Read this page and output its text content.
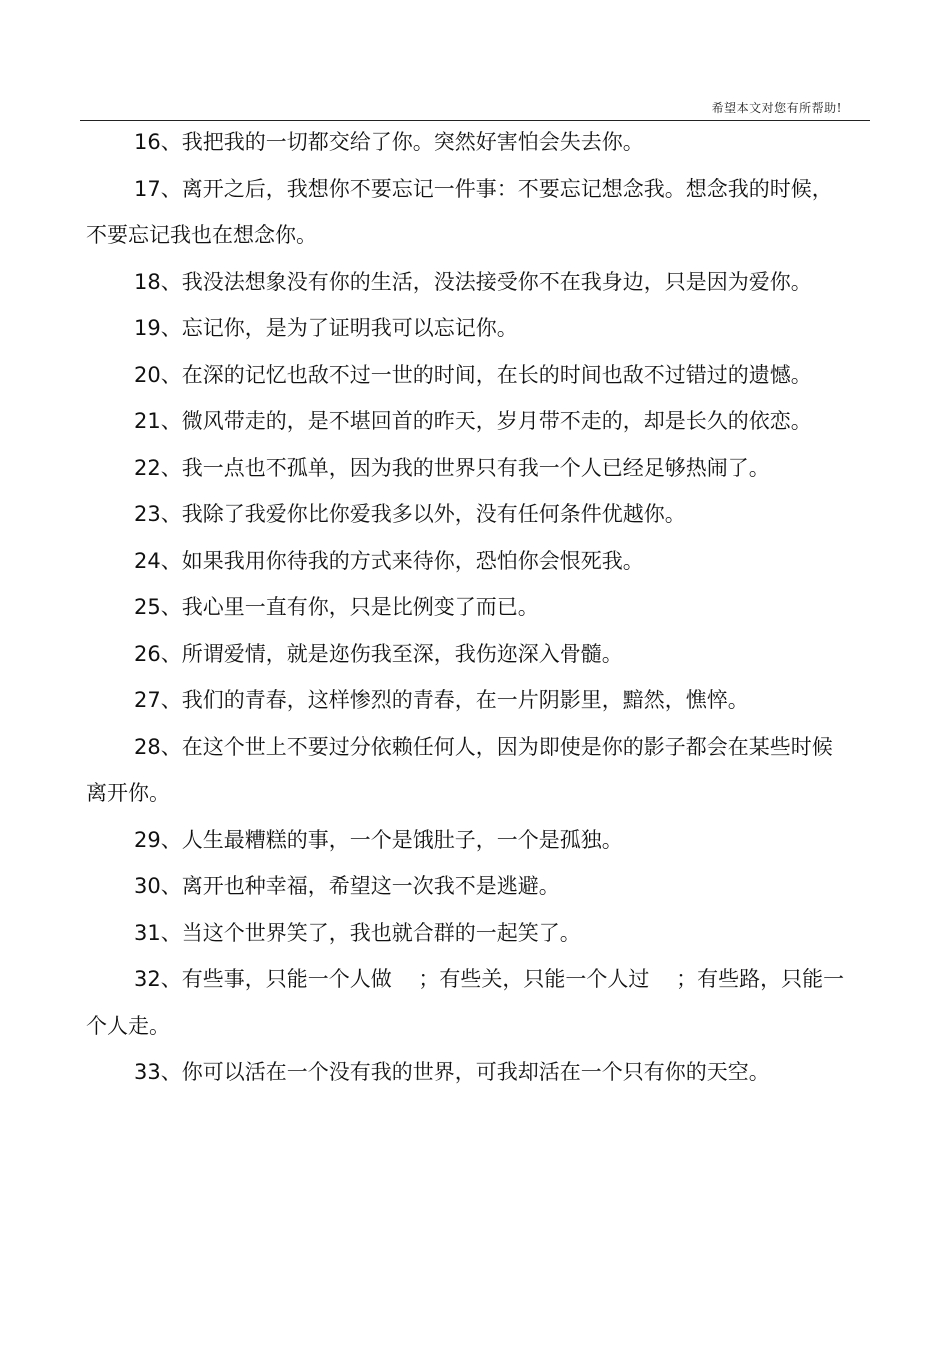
希望本文对您有所帮助!

16、我把我的一切都交给了你。突然好害怕会失去你。

17、离开之后，我想你不要忘记一件事：不要忘记想念我。想念我的时候，不要忘记我也在想念你。

18、我没法想象没有你的生活，没法接受你不在我身边，只是因为爱你。

19、忘记你，是为了证明我可以忘记你。

20、在深的记忆也敌不过一世的时间，在长的时间也敌不过错过的遗憾。

21、微风带走的，是不堪回首的昨天，岁月带不走的，却是长久的依恋。

22、我一点也不孤单，因为我的世界只有我一个人已经足够热闹了。

23、我除了我爱你比你爱我多以外，没有任何条件优越你。

24、如果我用你待我的方式来待你，恐怕你会恨死我。

25、我心里一直有你，只是比例变了而已。

26、所谓爱情，就是迩伤我至深，我伤迩深入骨髓。

27、我们的青春，这样惨烈的青春，在一片阴影里，黯然，憔悴。

28、在这个世上不要过分依赖任何人，因为即使是你的影子都会在某些时候离开你。

29、人生最糟糕的事，一个是饿肚子，一个是孤独。

30、离开也种幸福，希望这一次我不是逃避。

31、当这个世界笑了，我也就合群的一起笑了。

32、有些事，只能一个人做    ；有些关，只能一个人过    ；有些路，只能一个人走。

33、你可以活在一个没有我的世界，可我却活在一个只有你的天空。
